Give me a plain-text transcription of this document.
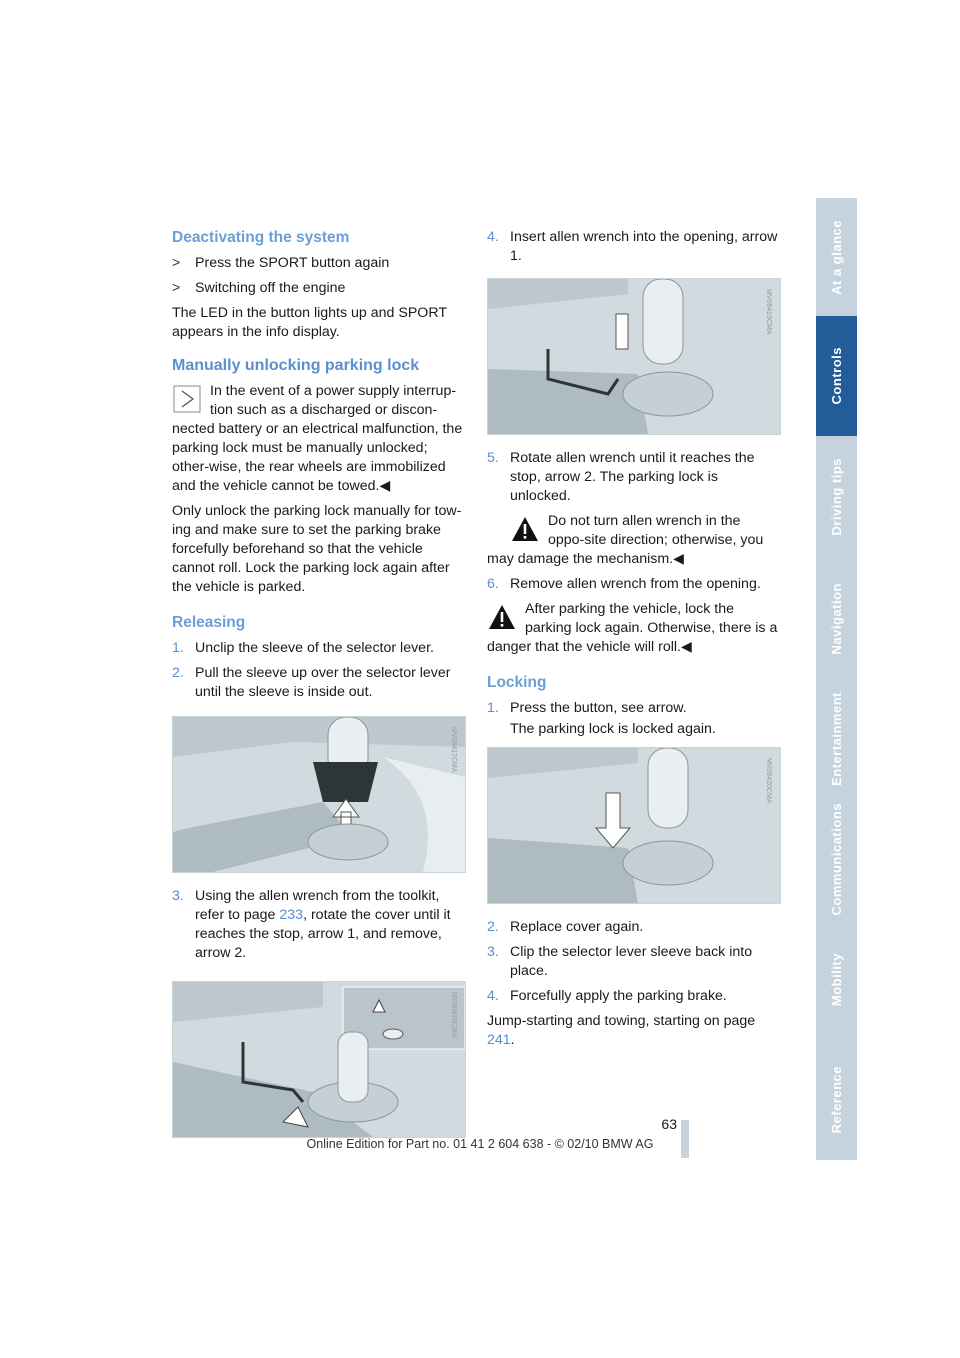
Deactivating the system
>	Press the SPORT button again
>	Switching off the engine

The LED in the button lights up and SPORT appears in the info display.

Manually unlocking parking lock
In the event of a power supply interrup-tion such as a discharged or discon-nected battery or an electrical malfunction, the parking lock must be manually unlocked; other-wise, the rear wheels are immobilized and the vehicle cannot be towed.◀

Only unlock the parking lock manually for tow-ing and make sure to set the parking brake forcefully beforehand so that the vehicle cannot roll. Lock the parking lock again after the vehicle is parked.

Releasing
1. Unclip the sleeve of the selector lever.
2. Pull the sleeve up over the selector lever until the sleeve is inside out.
MV06417CMA
3. Using the allen wrench from the toolkit, refer to page 233, rotate the cover until it reaches the stop, arrow 1, and remove, arrow 2.
MV06418CMA
4. Insert allen wrench into the opening, arrow 1.
MV06419CMA
5. Rotate allen wrench until it reaches the stop, arrow 2. The parking lock is unlocked.
Do not turn allen wrench in the oppo-site direction; otherwise, you may damage the mechanism.◀
6. Remove allen wrench from the opening.
After parking the vehicle, lock the parking lock again. Otherwise, there is a danger that the vehicle will roll.◀
Locking
1. Press the button, see arrow.
The parking lock is locked again.
MV06420CMA
2. Replace cover again.
3. Clip the selector lever sleeve back into place.
4. Forcefully apply the parking brake.

Jump-starting and towing, starting on page 241.

At a glance
Controls
Driving tips
Navigation
Entertainment
Communications
Mobility
Reference
63
Online Edition for Part no. 01 41 2 604 638 - © 02/10 BMW AG
